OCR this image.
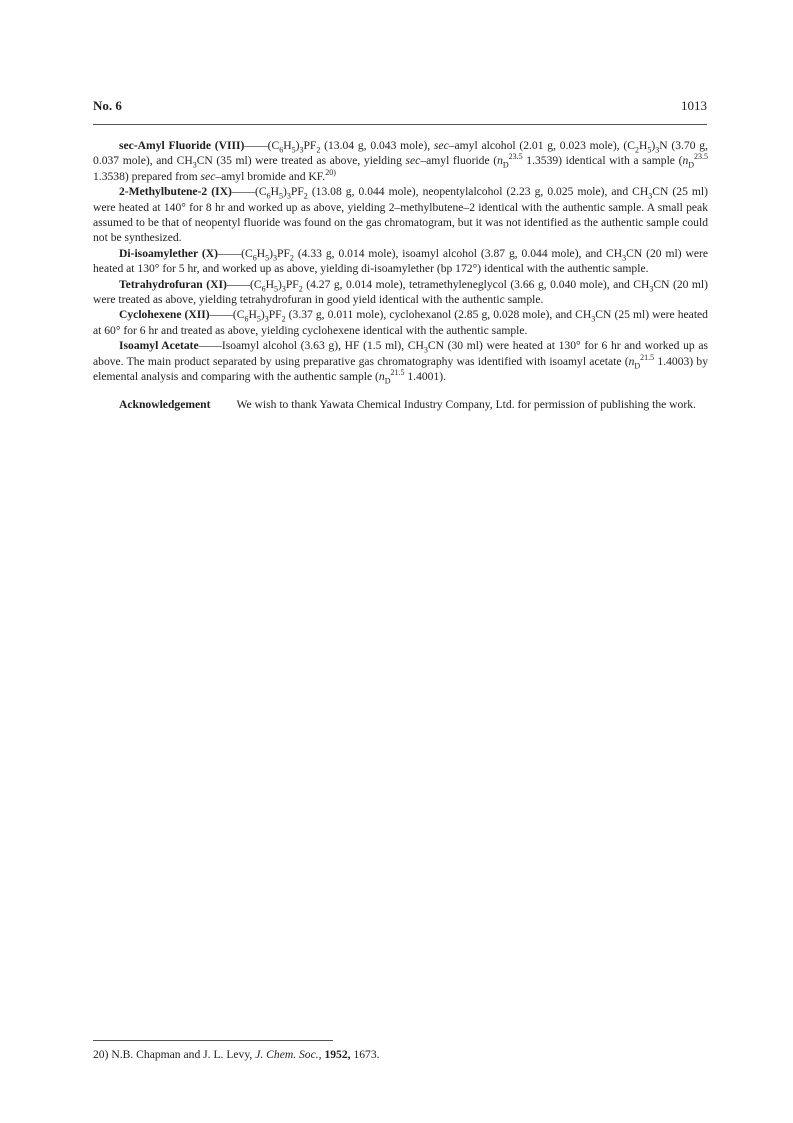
No. 6	1013

sec-Amyl Fluoride $(VIII)——(C_6H_5)_3PF_2$ (13.04 g, 0.043 mole), sec–amyl alcohol (2.01 g, 0.023 mole), $(C_2H_5)_3N$ (3.70 g, 0.037 mole), and $CH_3CN$ (35 ml) were treated as above, yielding sec–amyl fluoride ($n_D^{23.5}$ 1.3539) identical with a sample ($n_D^{23.5}$ 1.3538) prepared from sec–amyl bromide and KF.$^{20)}$

2-Methylbutene-2 $(IX)——(C_6H_5)_3PF_2$ (13.08 g, 0.044 mole), neopentylalcohol (2.23 g, 0.025 mole), and $CH_3CN$ (25 ml) were heated at 140° for 8 hr and worked up as above, yielding 2–methylbutene–2 identical with the authentic sample. A small peak assumed to be that of neopentyl fluoride was found on the gas chromatogram, but it was not identified as the authentic sample could not be synthesized.

Di-isoamylether $(X)——(C_6H_5)_3PF_2$ (4.33 g, 0.014 mole), isoamyl alcohol (3.87 g, 0.044 mole), and $CH_3CN$ (20 ml) were heated at 130° for 5 hr, and worked up as above, yielding di-isoamylether (bp 172°) identical with the authentic sample.

Tetrahydrofuran $(XI)——(C_6H_5)_3PF_2$ (4.27 g, 0.014 mole), tetramethyleneglycol (3.66 g, 0.040 mole), and $CH_3CN$ (20 ml) were treated as above, yielding tetrahydrofuran in good yield identical with the authentic sample.

Cyclohexene $(XII)——(C_6H_5)_3PF_2$ (3.37 g, 0.011 mole), cyclohexanol (2.85 g, 0.028 mole), and $CH_3CN$ (25 ml) were heated at 60° for 6 hr and treated as above, yielding cyclohexene identical with the authentic sample.

Isoamyl Acetate——Isoamyl alcohol (3.63 g), HF (1.5 ml), $CH_3CN$ (30 ml) were heated at 130° for 6 hr and worked up as above. The main product separated by using preparative gas chromatography was identified with isoamyl acetate ($n_D^{21.5}$ 1.4003) by elemental analysis and comparing with the authentic sample ($n_D^{21.5}$ 1.4001).

Acknowledgement We wish to thank Yawata Chemical Industry Company, Ltd. for permission of publishing the work.

20) N.B. Chapman and J. L. Levy, J. Chem. Soc., 1952, 1673.
